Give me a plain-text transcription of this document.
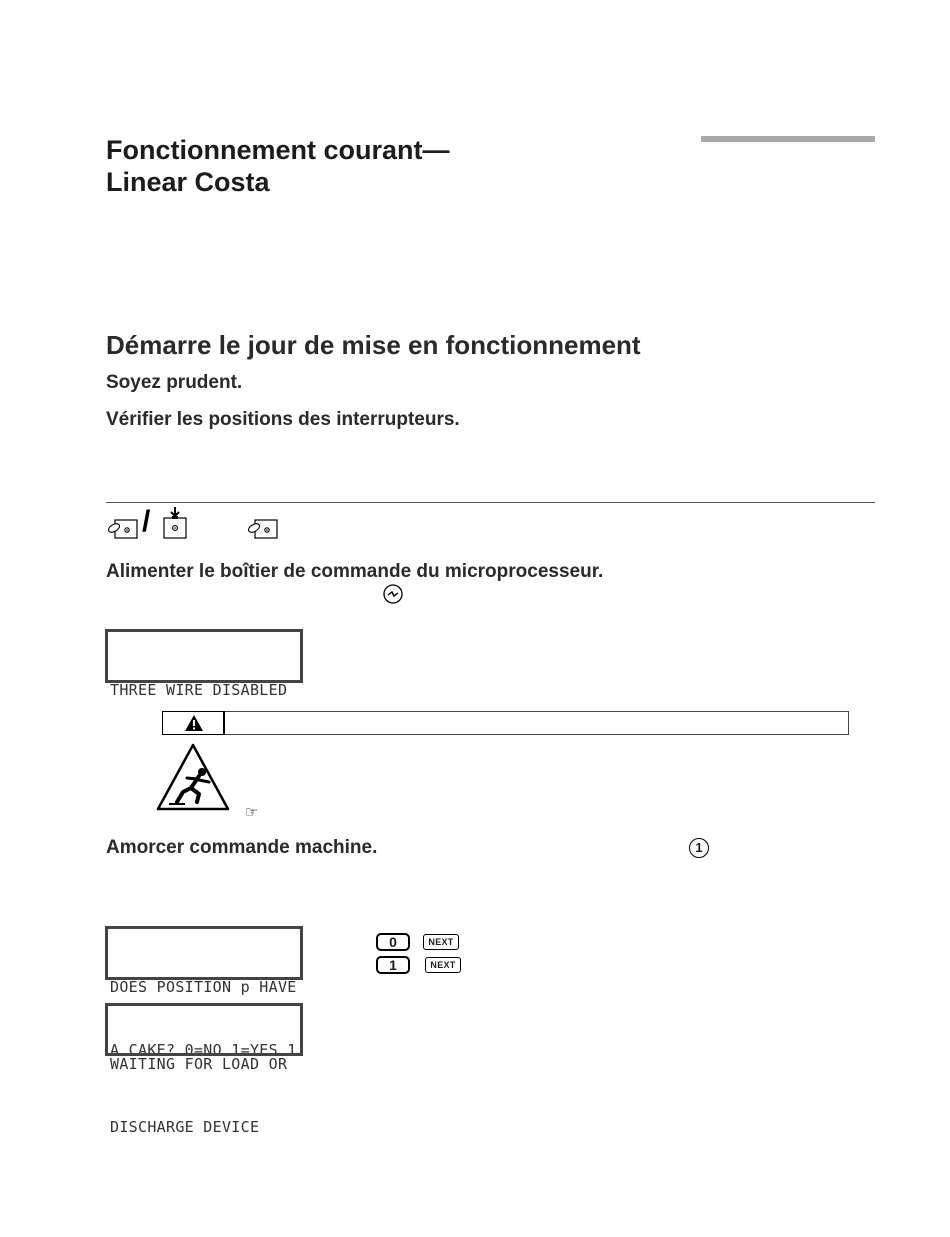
Fonctionnement courant—
Linear Costa
Démarre le jour de mise en fonctionnement
Soyez prudent.
Vérifier les positions des interrupteurs.
/
Alimenter le boîtier de commande du microprocesseur.

THREE WIRE DISABLED

☞
Amorcer commande machine.	1

DOES POSITION p HAVE

A CAKE? 0=NO 1=YES 1

0	NEXT
1	NEXT

WAITING FOR LOAD OR

DISCHARGE DEVICE
